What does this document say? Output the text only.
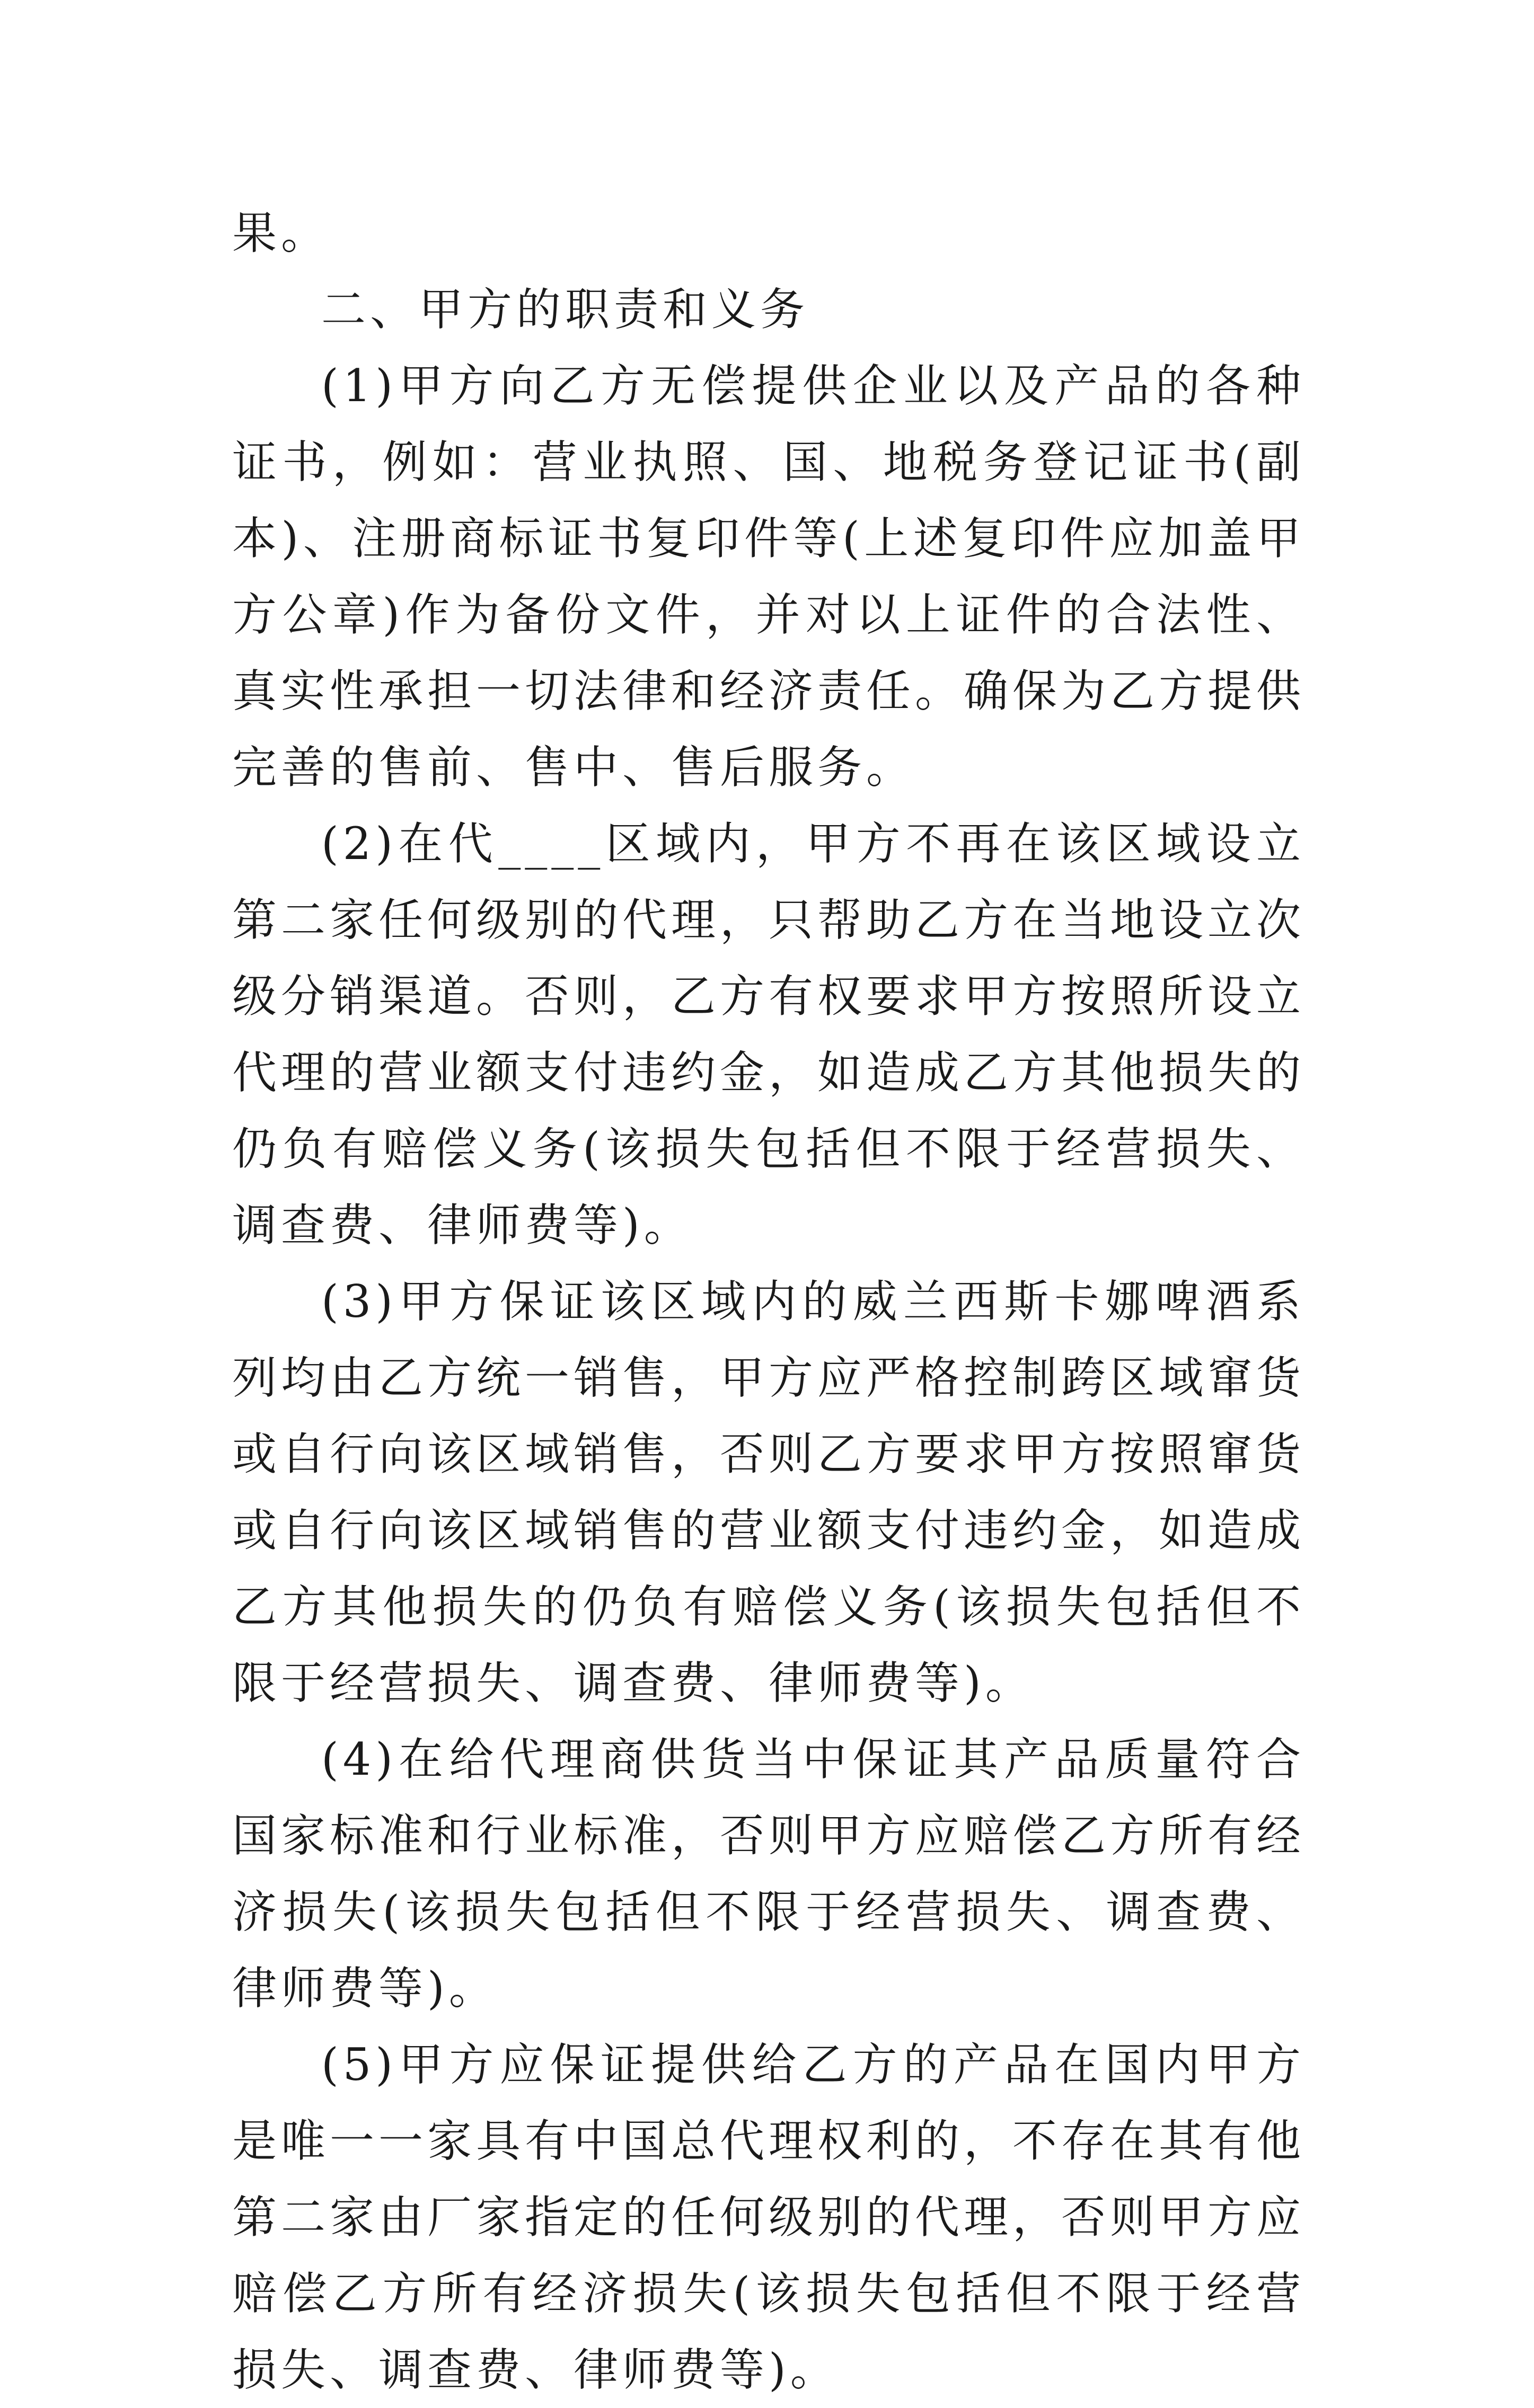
果。

二、甲方的职责和义务

(1)甲方向乙方无偿提供企业以及产品的各种证书，例如：营业执照、国、地税务登记证书(副本)、注册商标证书复印件等(上述复印件应加盖甲方公章)作为备份文件，并对以上证件的合法性、真实性承担一切法律和经济责任。确保为乙方提供完善的售前、售中、售后服务。

(2)在代____区域内，甲方不再在该区域设立第二家任何级别的代理，只帮助乙方在当地设立次级分销渠道。否则，乙方有权要求甲方按照所设立代理的营业额支付违约金，如造成乙方其他损失的仍负有赔偿义务(该损失包括但不限于经营损失、调查费、律师费等)。

(3)甲方保证该区域内的威兰西斯卡娜啤酒系列均由乙方统一销售，甲方应严格控制跨区域窜货或自行向该区域销售，否则乙方要求甲方按照窜货或自行向该区域销售的营业额支付违约金，如造成乙方其他损失的仍负有赔偿义务(该损失包括但不限于经营损失、调查费、律师费等)。

(4)在给代理商供货当中保证其产品质量符合国家标准和行业标准，否则甲方应赔偿乙方所有经济损失(该损失包括但不限于经营损失、调查费、律师费等)。

(5)甲方应保证提供给乙方的产品在国内甲方是唯一一家具有中国总代理权利的，不存在其有他第二家由厂家指定的任何级别的代理，否则甲方应赔偿乙方所有经济损失(该损失包括但不限于经营损失、调查费、律师费等)。
